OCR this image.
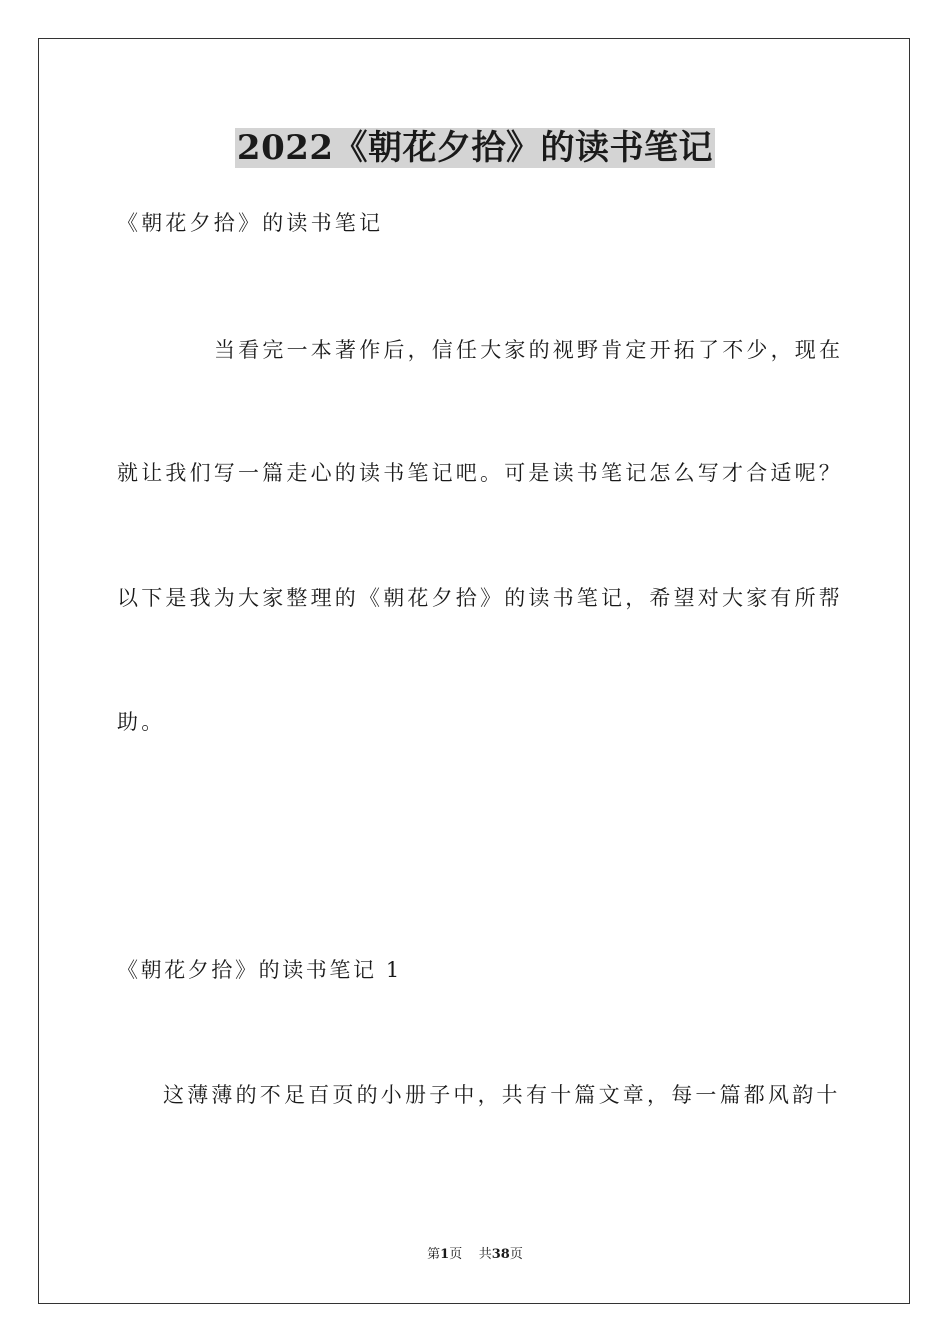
2022《朝花夕拾》的读书笔记
《朝花夕拾》的读书笔记
当看完一本著作后，信任大家的视野肯定开拓了不少，现在
就让我们写一篇走心的读书笔记吧。可是读书笔记怎么写才合适呢？
以下是我为大家整理的《朝花夕拾》的读书笔记，希望对大家有所帮
助。
《朝花夕拾》的读书笔记 1
这薄薄的不足百页的小册子中，共有十篇文章，每一篇都风韵十
第1页 共38页
